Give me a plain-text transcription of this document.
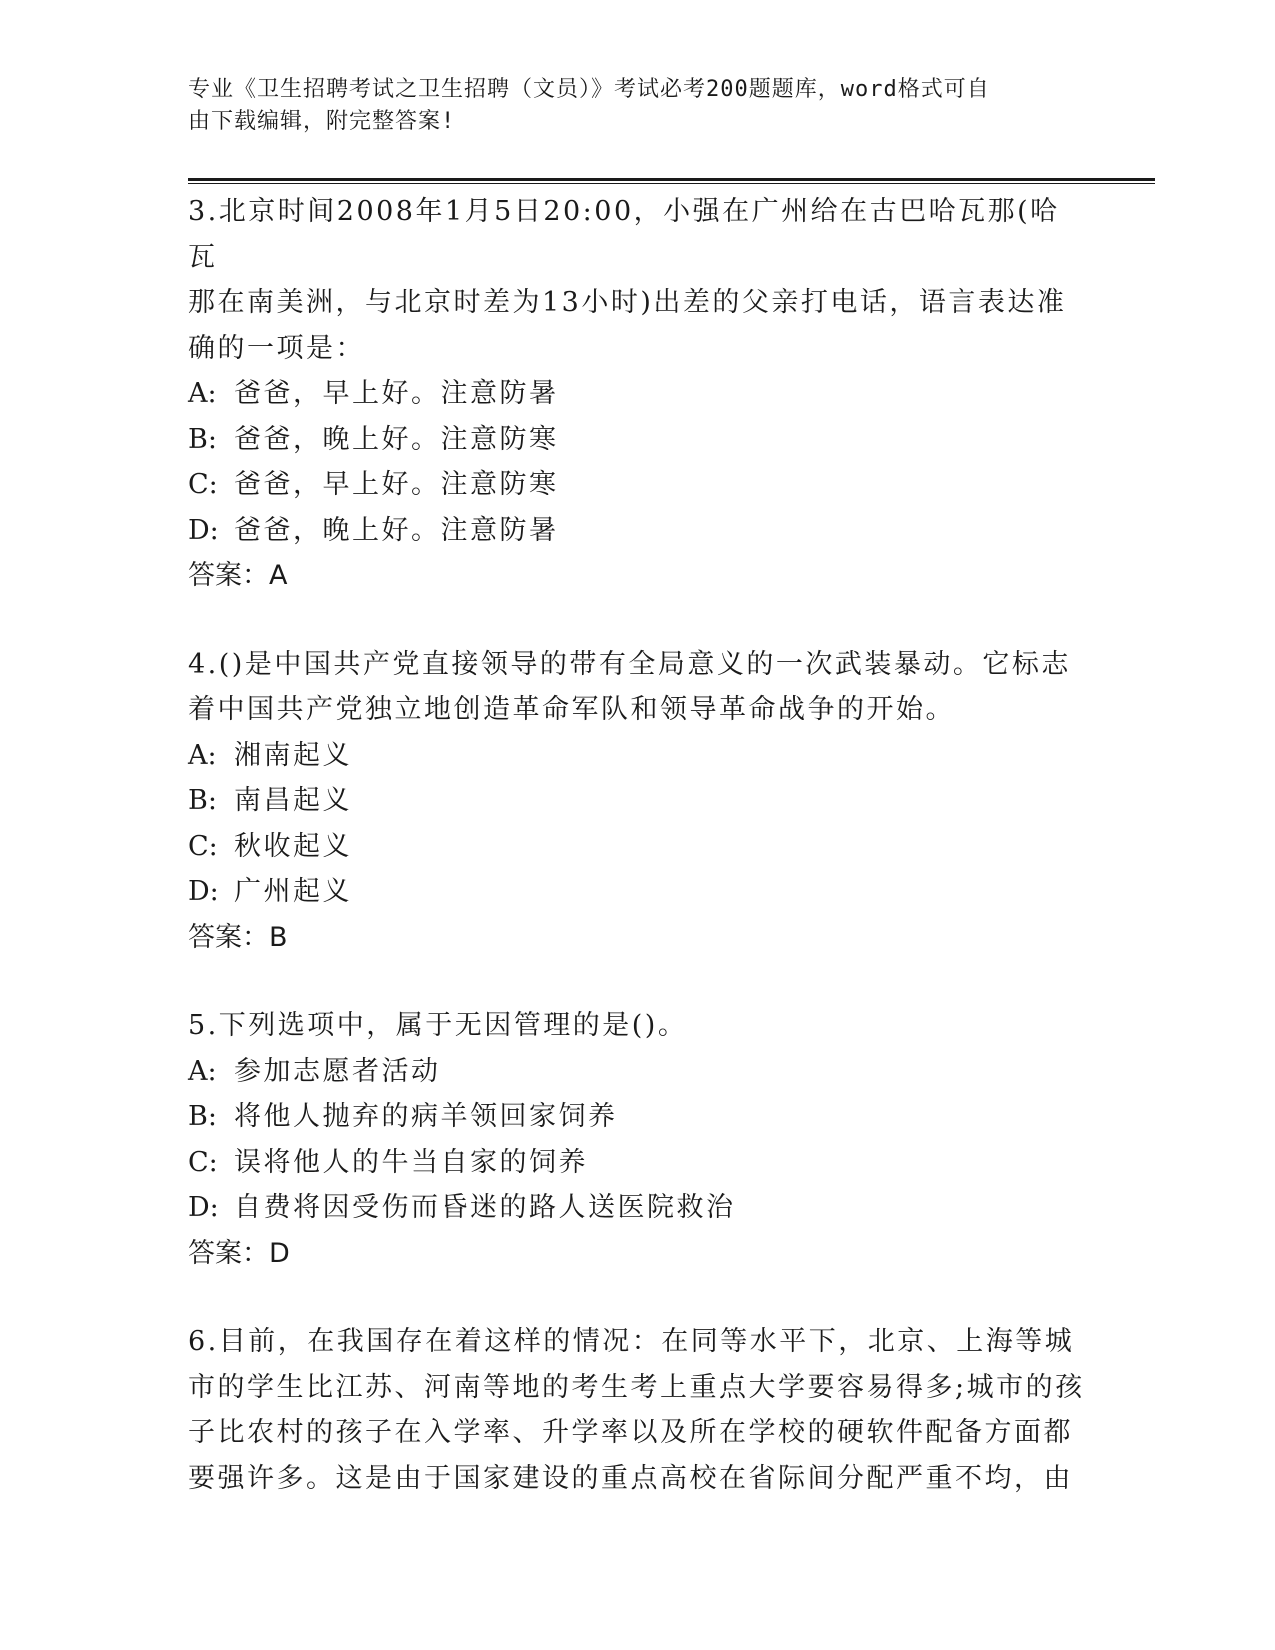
专业《卫生招聘考试之卫生招聘（文员）》考试必考200题题库，word格式可自
由下载编辑，附完整答案!

3.北京时间2008年1月5日20:00，小强在广州给在古巴哈瓦那(哈瓦

那在南美洲，与北京时差为13小时)出差的父亲打电话，语言表达准

确的一项是：

A: 爸爸，早上好。注意防暑

B: 爸爸，晚上好。注意防寒

C: 爸爸，早上好。注意防寒

D: 爸爸，晚上好。注意防暑

答案：A

4.()是中国共产党直接领导的带有全局意义的一次武装暴动。它标志

着中国共产党独立地创造革命军队和领导革命战争的开始。

A: 湘南起义

B: 南昌起义

C: 秋收起义

D: 广州起义

答案：B

5.下列选项中，属于无因管理的是()。

A: 参加志愿者活动

B: 将他人抛弃的病羊领回家饲养

C: 误将他人的牛当自家的饲养

D: 自费将因受伤而昏迷的路人送医院救治

答案：D

6.目前，在我国存在着这样的情况：在同等水平下，北京、上海等城

市的学生比江苏、河南等地的考生考上重点大学要容易得多;城市的孩

子比农村的孩子在入学率、升学率以及所在学校的硬软件配备方面都

要强许多。这是由于国家建设的重点高校在省际间分配严重不均，由
